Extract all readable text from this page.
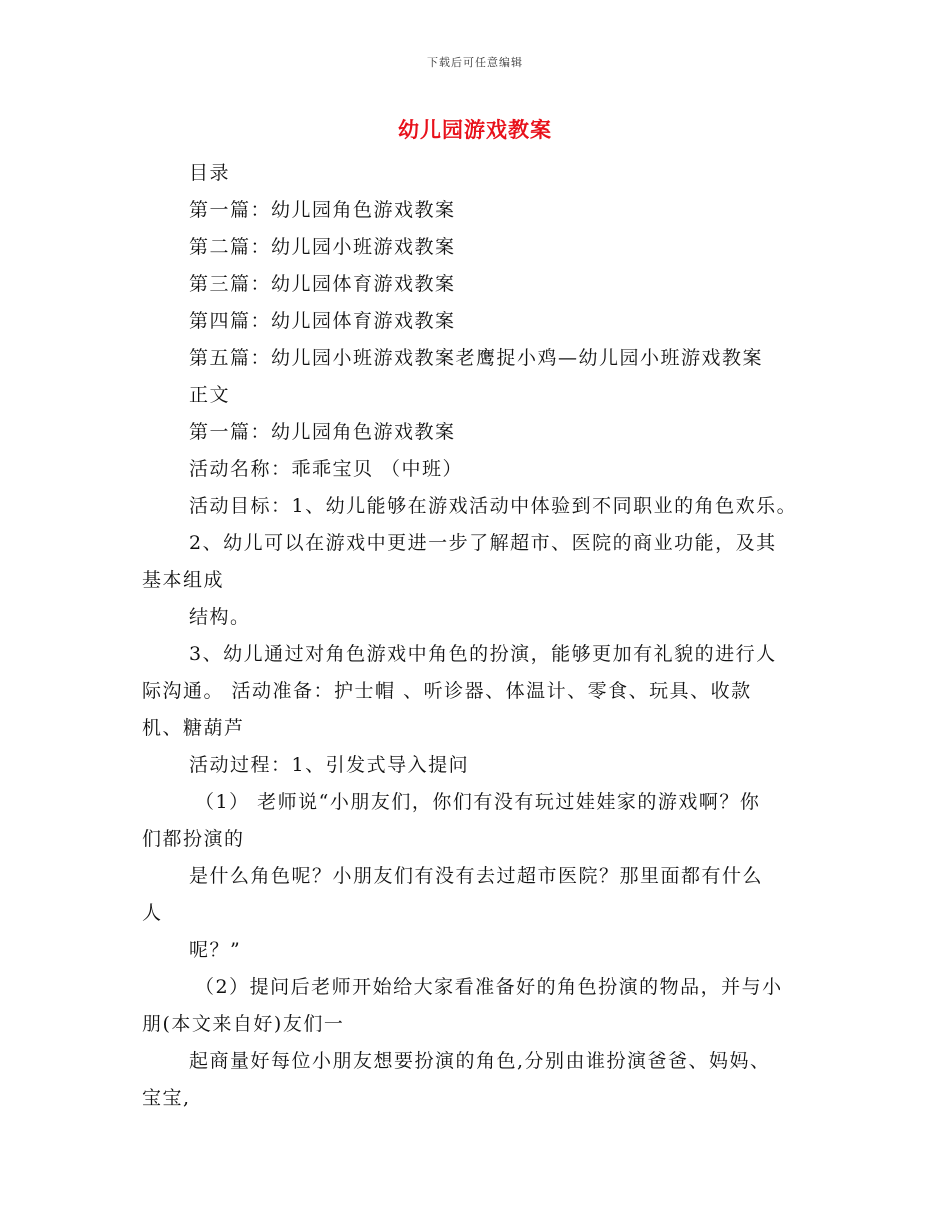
下载后可任意编辑
幼儿园游戏教案
目录
第一篇：幼儿园角色游戏教案
第二篇：幼儿园小班游戏教案
第三篇：幼儿园体育游戏教案
第四篇：幼儿园体育游戏教案
第五篇：幼儿园小班游戏教案老鹰捉小鸡—幼儿园小班游戏教案
正文
第一篇：幼儿园角色游戏教案
活动名称：乖乖宝贝 （中班）
活动目标：1、幼儿能够在游戏活动中体验到不同职业的角色欢乐。
2、幼儿可以在游戏中更进一步了解超市、医院的商业功能，及其
基本组成
结构。
3、幼儿通过对角色游戏中角色的扮演，能够更加有礼貌的进行人
际沟通。 活动准备：护士帽 、听诊器、体温计、零食、玩具、收款
机、糖葫芦
活动过程：1、引发式导入提问
（1） 老师说“小朋友们，你们有没有玩过娃娃家的游戏啊？你
们都扮演的
是什么角色呢？小朋友们有没有去过超市医院？那里面都有什么
人
呢？”
（2）提问后老师开始给大家看准备好的角色扮演的物品，并与小
朋(本文来自好)友们一
起商量好每位小朋友想要扮演的角色,分别由谁扮演爸爸、妈妈、
宝宝,
